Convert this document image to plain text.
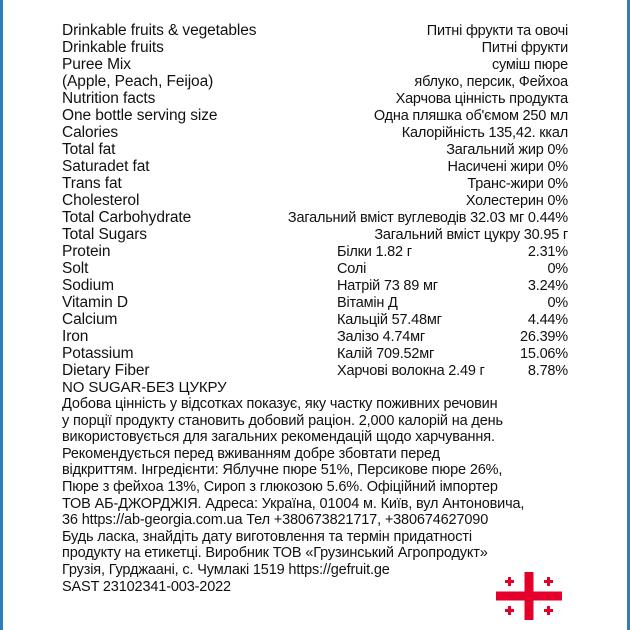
Drinkable fruits & vegetables	Питні фрукти та овочі
Drinkable fruits	Питні фрукти
Puree Mix	суміш пюре
(Apple, Peach, Feijoa)	яблуко, персик, Фейхоа
Nutrition facts	Харчова цінність продукта
One bottle serving size	Одна пляшка об'ємом 250 мл
Calories	Калорійність 135,42. ккал
Total fat	Загальний жир 0%
Saturadet fat	Насичені жири 0%
Trans fat	Транс-жири 0%
Cholesterol	Холестерин 0%
Total Carbohydrate	Загальний вміст вуглеводів 32.03 мг 0.44%
Total Sugars	Загальний вміст цукру 30.95 г
Protein	Білки 1.82 г	2.31%
Solt	Солі	0%
Sodium	Натрій 73 89 мг	3.24%
Vitamin D	Вітамін Д	0%
Calcium	Кальцій 57.48мг	4.44%
Iron	Залізо 4.74мг	26.39%
Potassium	Калій 709.52мг	15.06%
Dietary Fiber	Харчові волокна 2.49 г	8.78%
NO SUGAR-БЕЗ ЦУКРУ
Добова цінність у відсотках показує, яку частку поживних речовин
у порції продукту становить добовий раціон. 2,000 калорій на день
використовується для загальних рекомендацій щодо харчування.
Рекомендується перед вживанням добре збовтати перед
відкриттям. Інгредієнти: Яблучне пюре 51%, Персикове пюре 26%,
Пюре з фейхоа 13%, Сироп з глюкозою 5.6%. Офіційний імпортер
ТОВ АБ-ДЖОРДЖІЯ. Адреса: Україна, 01004 м. Київ, вул Антоновича,
36 https://ab-georgia.com.ua Тел +380673821717, +380674627090
Будь ласка, знайдіть дату виготовлення та термін придатності
продукту на етикетці. Виробник ТОВ «Грузинський Агропродукт»
Грузія, Гурджаані, с. Чумлакі 1519 https://gefruit.ge
SAST 23102341-003-2022
